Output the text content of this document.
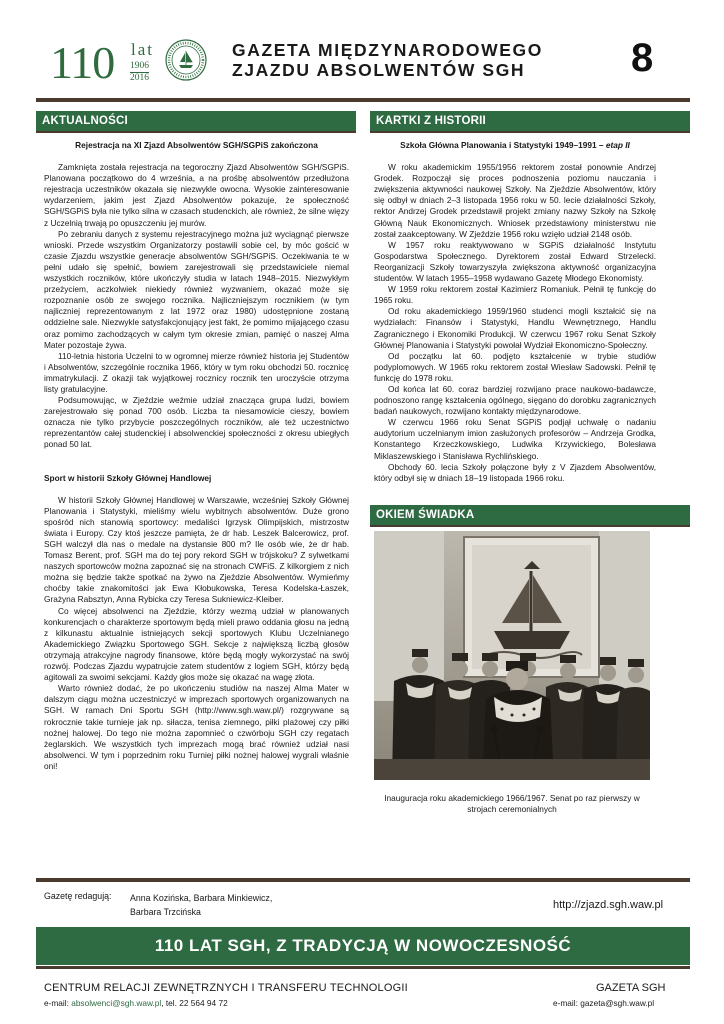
110 lat
1906
2016
GAZETA MIĘDZYNARODOWEGO
ZJAZDU ABSOLWENTÓW SGH	8
AKTUALNOŚCI
Rejestracja na XI Zjazd Absolwentów SGH/SGPiS zakończona

Zamknięta została rejestracja na tegoroczny Zjazd Absolwentów SGH/SGPiS. Planowana początkowo do 4 września, a na prośbę absolwentów przedłużona rejestracja uczestników okazała się niezwykle owocna. Wysokie zainteresowanie wydarzeniem, jakim jest Zjazd Absolwentów pokazuje, że społeczność SGH/SGPiS była nie tylko silna w czasach studenckich, ale również, że silne więzy z Uczelnią trwają po opuszczeniu jej murów.

Po zebraniu danych z systemu rejestracyjnego można już wyciągnąć pierwsze wnioski. Przede wszystkim Organizatorzy postawili sobie cel, by móc gościć w czasie Zjazdu wszystkie generacje absolwentów SGH/SGPiS. Oczekiwania te w pełni udało się spełnić, bowiem zarejestrowali się przedstawiciele niemal wszystkich roczników, które ukończyły studia w latach 1948–2015. Niezwykłym przeżyciem, aczkolwiek niekiedy również wyzwaniem, okazać może się rozpoznanie osób ze swojego rocznika. Najliczniejszym rocznikiem (w tym najliczniej reprezentowanym z lat 1972 oraz 1980) udostępnione zostaną oddzielne sale. Niezwykle satysfakcjonujący jest fakt, że pomimo mijającego czasu oraz pomimo zachodzących w całym tym okresie zmian, pamięć o naszej Alma Mater pozostaje żywa.

110-letnia historia Uczelni to w ogromnej mierze również historia jej Studentów i Absolwentów, szczególnie rocznika 1966, który w tym roku obchodzi 50. rocznicę immatrykulacji. Z okazji tak wyjątkowej rocznicy rocznik ten uroczyście otrzyma listy gratulacyjne.

Podsumowując, w Zjeździe weźmie udział znacząca grupa ludzi, bowiem zarejestrowało się ponad 700 osób. Liczba ta niesamowicie cieszy, bowiem oznacza nie tylko przybycie poszczególnych roczników, ale też uczestnictwo reprezentantów całej studenckiej i absolwenckiej społeczności z okresu ubiegłych ponad 50 lat.

Sport w historii Szkoły Głównej Handlowej

W historii Szkoły Głównej Handlowej w Warszawie, wcześniej Szkoły Głównej Planowania i Statystyki, mieliśmy wielu wybitnych absolwentów. Duże grono spośród nich stanowią sportowcy: medaliści Igrzysk Olimpijskich, mistrzostw świata i Europy. Czy ktoś jeszcze pamięta, że dr hab. Leszek Balcerowicz, prof. SGH walczył dla nas o medale na dystansie 800 m? Ile osób wie, że dr hab. Tomasz Berent, prof. SGH ma do tej pory rekord SGH w trójskoku? Z sylwetkami naszych sportowców można zapoznać się na stronach CWFiS. Z kilkorgiem z nich można się będzie także spotkać na żywo na Zjeździe Absolwentów. Wymieńmy choćby takie znakomitości jak Ewa Kłobukowska, Teresa Kodelska-Łaszek, Grażyna Rabsztyn, Anna Rybicka czy Teresa Sukniewicz-Kleiber.

Co więcej absolwenci na Zjeździe, którzy wezmą udział w planowanych konkurencjach o charakterze sportowym będą mieli prawo oddania głosu na jedną z kilkunastu aktualnie istniejących sekcji sportowych Klubu Uczelnianego Akademickiego Związku Sportowego SGH. Sekcje z największą liczbą głosów otrzymają atrakcyjne nagrody finansowe, które będą mogły wykorzystać na swój rozwój. Podczas Zjazdu wypatrujcie zatem studentów z logiem SGH, którzy będą agitowali za swoimi sekcjami. Każdy głos może się okazać na wagę złota.

Warto również dodać, że po ukończeniu studiów na naszej Alma Mater w dalszym ciągu można uczestniczyć w imprezach sportowych organizowanych na SGH. W ramach Dni Sportu SGH (http://www.sgh.waw.pl/) rozgrywane są rokrocznie takie turnieje jak np. siłacza, tenisa ziemnego, piłki plażowej czy piłki nożnej halowej. Do tego nie można zapomnieć o czwórboju SGH czy regatach żeglarskich. We wszystkich tych imprezach mogą brać również udział nasi absolwenci. W tym i poprzednim roku Turniej piłki nożnej halowej wygrali właśnie oni!

KARTKI Z HISTORII
Szkoła Główna Planowania i Statystyki 1949–1991 – etap II

W roku akademickim 1955/1956 rektorem został ponownie Andrzej Grodek. Rozpoczął się proces podnoszenia poziomu nauczania i zwiększenia aktywności naukowej Szkoły. Na Zjeździe Absolwentów, który się odbył w dniach 2–3 listopada 1956 roku w 50. lecie działalności Szkoły, rektor Andrzej Grodek przedstawił projekt zmiany nazwy Szkoły na Szkołę Główną Nauk Ekonomicznych. Wniosek przedstawiony ministerstwu nie został zaakceptowany. W Zjeździe 1956 roku wzięło udział 2148 osób.

W 1957 roku reaktywowano w SGPiS działalność Instytutu Gospodarstwa Społecznego. Dyrektorem został Edward Strzelecki. Reorganizacji Szkoły towarzyszyła zwiększona aktywność organizacyjna studentów. W latach 1955–1958 wydawano Gazetę Młodego Ekonomisty.

W 1959 roku rektorem został Kazimierz Romaniuk. Pełnił tę funkcję do 1965 roku.

Od roku akademickiego 1959/1960 studenci mogli kształcić się na wydziałach: Finansów i Statystyki, Handlu Wewnętrznego, Handlu Zagranicznego i Ekonomiki Produkcji. W czerwcu 1967 roku Senat Szkoły Głównej Planowania i Statystyki powołał Wydział Ekonomiczno-Społeczny.

Od początku lat 60. podjęto kształcenie w trybie studiów podyplomowych. W 1965 roku rektorem został Wiesław Sadowski. Pełnił tę funkcję do 1978 roku.

Od końca lat 60. coraz bardziej rozwijano prace naukowo-badawcze, podnoszono rangę kształcenia ogólnego, sięgano do dorobku zagranicznych badań naukowych, rozwijano kontakty międzynarodowe.

W czerwcu 1966 roku Senat SGPiS podjął uchwałę o nadaniu audytorium uczelnianym imion zasłużonych profesorów – Andrzeja Grodka, Konstantego Krzeczkowskiego, Ludwika Krzywickiego, Bolesława Miklaszewskiego i Stanisława Rychlińskiego.

Obchody 60. lecia Szkoły połączone były z V Zjazdem Absolwentów, który odbył się w dniach 18–19 listopada 1966 roku.

OKIEM ŚWIADKA
Inauguracja roku akademickiego 1966/1967. Senat po raz pierwszy w strojach ceremonialnych
Gazetę redagują: Anna Kozińska, Barbara Minkiewicz,
Barbara Trzcińska
http://zjazd.sgh.waw.pl
110 LAT SGH, Z TRADYCJĄ W NOWOCZESNOŚĆ
CENTRUM RELACJI ZEWNĘTRZNYCH I TRANSFERU TECHNOLOGII
e-mail: absolwenci@sgh.waw.pl, tel. 22 564 94 72
GAZETA SGH
e-mail: gazeta@sgh.waw.pl
